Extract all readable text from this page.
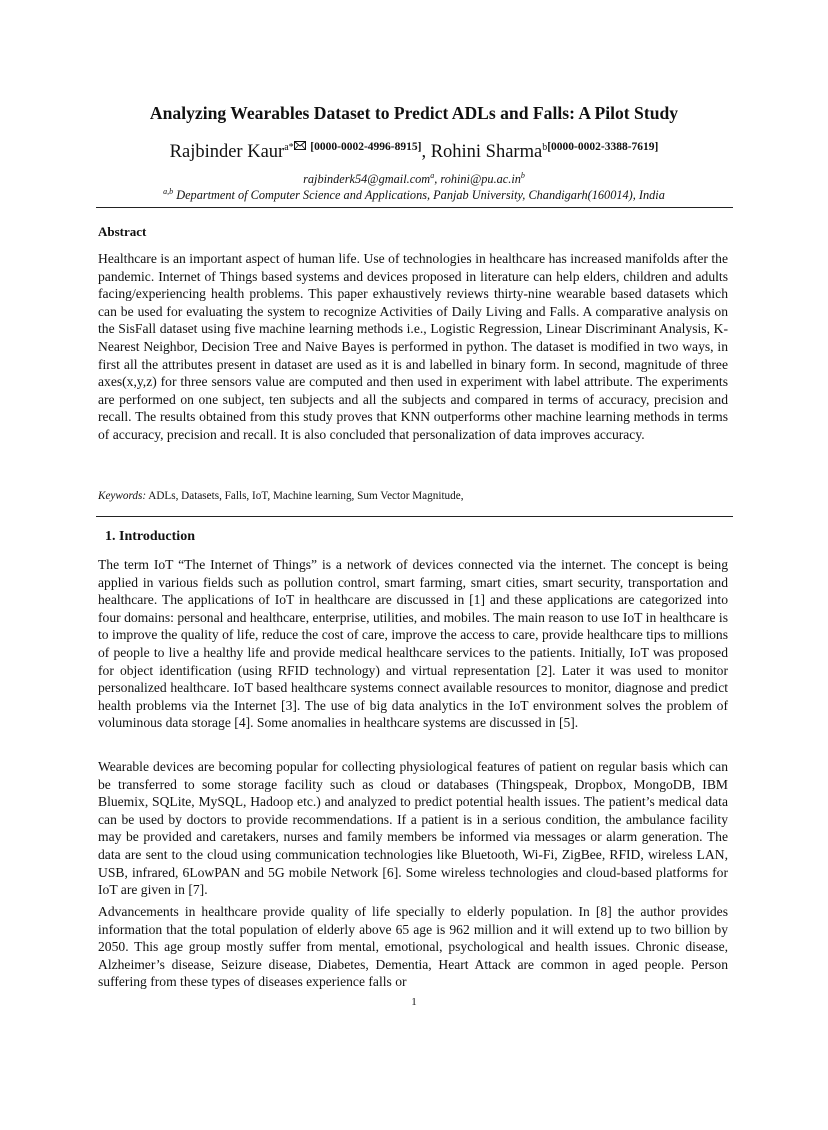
Analyzing Wearables Dataset to Predict ADLs and Falls: A Pilot Study
Rajbinder Kaur$^{a*}$ [0000-0002-4996-8915], Rohini Sharma$^{b[0000-0002-3388-7619]}$
rajbinderk54@gmail.com$^a$, $rohini@pu.ac.in^b$
$^{a,b}$ Department of Computer Science and Applications, Panjab University, Chandigarh(160014), India
Abstract

Healthcare is an important aspect of human life. Use of technologies in healthcare has increased manifolds after the pandemic. Internet of Things based systems and devices proposed in literature can help elders, children and adults facing/experiencing health problems. This paper exhaustively reviews thirty-nine wearable based datasets which can be used for evaluating the system to recognize Activities of Daily Living and Falls. A comparative analysis on the SisFall dataset using five machine learning methods i.e., Logistic Regression, Linear Discriminant Analysis, K-Nearest Neighbor, Decision Tree and Naive Bayes is performed in python. The dataset is modified in two ways, in first all the attributes present in dataset are used as it is and labelled in binary form. In second, magnitude of three axes(x,y,z) for three sensors value are computed and then used in experiment with label attribute. The experiments are performed on one subject, ten subjects and all the subjects and compared in terms of accuracy, precision and recall. The results obtained from this study proves that KNN outperforms other machine learning methods in terms of accuracy, precision and recall. It is also concluded that personalization of data improves accuracy.

Keywords: ADLs, Datasets, Falls, IoT, Machine learning, Sum Vector Magnitude,
1. Introduction

The term IoT “The Internet of Things” is a network of devices connected via the internet. The concept is being applied in various fields such as pollution control, smart farming, smart cities, smart security, transportation and healthcare. The applications of IoT in healthcare are discussed in [1] and these applications are categorized into four domains: personal and healthcare, enterprise, utilities, and mobiles. The main reason to use IoT in healthcare is to improve the quality of life, reduce the cost of care, improve the access to care, provide healthcare tips to millions of people to live a healthy life and provide medical healthcare services to the patients. Initially, IoT was proposed for object identification (using RFID technology) and virtual representation [2]. Later it was used to monitor personalized healthcare. IoT based healthcare systems connect available resources to monitor, diagnose and predict health problems via the Internet [3]. The use of big data analytics in the IoT environment solves the problem of voluminous data storage [4]. Some anomalies in healthcare systems are discussed in [5].

Wearable devices are becoming popular for collecting physiological features of patient on regular basis which can be transferred to some storage facility such as cloud or databases (Thingspeak, Dropbox, MongoDB, IBM Bluemix, SQLite, MySQL, Hadoop etc.) and analyzed to predict potential health issues. The patient’s medical data can be used by doctors to provide recommendations. If a patient is in a serious condition, the ambulance facility may be provided and caretakers, nurses and family members be informed via messages or alarm generation. The data are sent to the cloud using communication technologies like Bluetooth, Wi-Fi, ZigBee, RFID, wireless LAN, USB, infrared, 6LowPAN and 5G mobile Network [6]. Some wireless technologies and cloud-based platforms for IoT are given in [7].

Advancements in healthcare provide quality of life specially to elderly population. In [8] the author provides information that the total population of elderly above 65 age is 962 million and it will extend up to two billion by 2050. This age group mostly suffer from mental, emotional, psychological and health issues. Chronic disease, Alzheimer’s disease, Seizure disease, Diabetes, Dementia, Heart Attack are common in aged people. Person suffering from these types of diseases experience falls or

1
